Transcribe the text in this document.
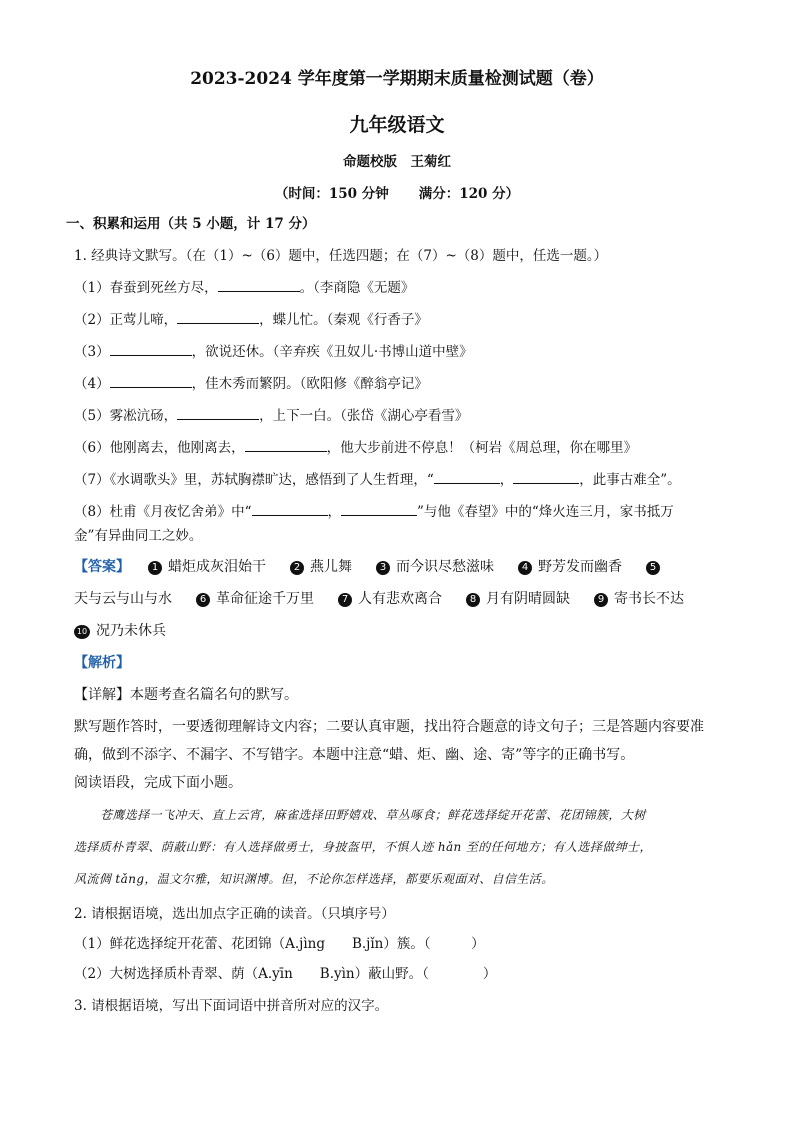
2023-2024 学年度第一学期期末质量检测试题（卷）
九年级语文
命题校版　王菊红
（时间：150 分钟 满分：120 分）
一、积累和运用（共 5 小题，计 17 分）
1. 经典诗文默写。（在（1）~（6）题中，任选四题；在（7）~（8）题中，任选一题。）
（1）春蚕到死丝方尽，	。（李商隐《无题》
（2）正莺儿啼，	，蝶儿忙。（秦观《行香子》
（3）	，欲说还休。（辛弃疾《丑奴儿·书博山道中壁》
（4）	，佳木秀而繁阴。（欧阳修《醉翁亭记》
（5）雾凇沆砀，	，上下一白。（张岱《湖心亭看雪》
（6）他刚离去，他刚离去，	，他大步前进不停息！（柯岩《周总理，你在哪里》
（7）《水调歌头》里，苏轼胸襟旷达，感悟到了人生哲理，“	，	，此事古难全”。
（8）杜甫《月夜忆舍弟》中“	，	”与他《春望》中的“烽火连三月，家书抵万
金”有异曲同工之妙。
【答案】 1 蜡炬成灰泪始干	2 燕儿舞	3 而今识尽愁滋味	4 野芳发而幽香	5
天与云与山与水	6 革命征途千万里	7 人有悲欢离合	8 月有阴晴圆缺	9 寄书长不达
10 况乃未休兵
【解析】
【详解】本题考查名篇名句的默写。
默写题作答时，一要透彻理解诗文内容；二要认真审题，找出符合题意的诗文句子；三是答题内容要准
确，做到不添字、不漏字、不写错字。本题中注意“蜡、炬、幽、途、寄”等字的正确书写。
阅读语段，完成下面小题。
苍鹰选择一飞冲天、直上云宵，麻雀选择田野嬉戏、草丛啄食；鲜花选择绽开花蕾、花团锦簇，大树
选择质朴青翠、荫蔽山野：有人选择做勇士，身披盔甲，不惧人迹 hǎn 至的任何地方；有人选择做绅士，
风流倜 tǎng，温文尔雅，知识渊博。但，不论你怎样选择，都要乐观面对、自信生活。
2. 请根据语境，选出加点字正确的读音。（只填序号）
（1）鲜花选择绽开花蕾、花团锦（A.jìng　　B.jǐn）簇。（　　　）
（2）大树选择质朴青翠、荫（A.yīn　　B.yìn）蔽山野。（　　　　）
3. 请根据语境，写出下面词语中拼音所对应的汉字。
